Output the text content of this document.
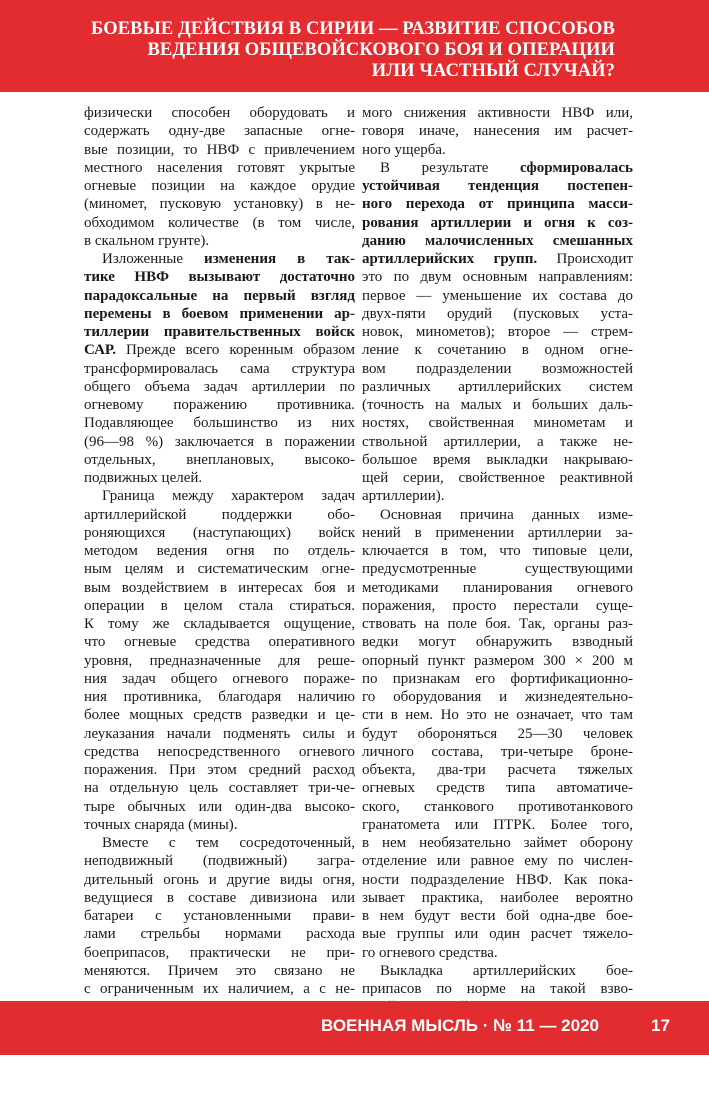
БОЕВЫЕ ДЕЙСТВИЯ В СИРИИ — РАЗВИТИЕ СПОСОБОВ
ВЕДЕНИЯ ОБЩЕВОЙСКОВОГО БОЯ И ОПЕРАЦИИ
ИЛИ ЧАСТНЫЙ СЛУЧАЙ?
физически способен оборудовать и
содержать одну-две запасные огне-
вые позиции, то НВФ с привлечением
местного населения готовят укрытые
огневые позиции на каждое орудие
(миномет, пусковую установку) в не-
обходимом количестве (в том числе,
в скальном грунте).
Изложенные изменения в так-
тике НВФ вызывают достаточно
парадоксальные на первый взгляд
перемены в боевом применении ар-
тиллерии правительственных войск
САР. Прежде всего коренным образом
трансформировалась сама структура
общего объема задач артиллерии по
огневому поражению противника.
Подавляющее большинство из них
(96—98 %) заключается в поражении
отдельных, внеплановых, высоко-
подвижных целей.
Граница между характером задач
артиллерийской поддержки обо-
роняющихся (наступающих) войск
методом ведения огня по отдель-
ным целям и систематическим огне-
вым воздействием в интересах боя и
операции в целом стала стираться.
К тому же складывается ощущение,
что огневые средства оперативного
уровня, предназначенные для реше-
ния задач общего огневого пораже-
ния противника, благодаря наличию
более мощных средств разведки и це-
леуказания начали подменять силы и
средства непосредственного огневого
поражения. При этом средний расход
на отдельную цель составляет три-че-
тыре обычных или один-два высоко-
точных снаряда (мины).
Вместе с тем сосредоточенный,
неподвижный (подвижный) загра-
дительный огонь и другие виды огня,
ведущиеся в составе дивизиона или
батареи с установленными прави-
лами стрельбы нормами расхода
боеприпасов, практически не при-
меняются. Причем это связано не
с ограниченным их наличием, а с не-
мого снижения активности НВФ или,
говоря иначе, нанесения им расчет-
ного ущерба.
В результате сформировалась
устойчивая тенденция постепен-
ного перехода от принципа масси-
рования артиллерии и огня к соз-
данию малочисленных смешанных
артиллерийских групп. Происходит
это по двум основным направлениям:
первое — уменьшение их состава до
двух-пяти орудий (пусковых уста-
новок, минометов); второе — стрем-
ление к сочетанию в одном огне-
вом подразделении возможностей
различных артиллерийских систем
(точность на малых и больших даль-
ностях, свойственная минометам и
ствольной артиллерии, а также не-
большое время выкладки накрываю-
щей серии, свойственное реактивной
артиллерии).
Основная причина данных изме-
нений в применении артиллерии за-
ключается в том, что типовые цели,
предусмотренные существующими
методиками планирования огневого
поражения, просто перестали суще-
ствовать на поле боя. Так, органы раз-
ведки могут обнаружить взводный
опорный пункт размером 300 × 200 м
по признакам его фортификационно-
го оборудования и жизнедеятельно-
сти в нем. Но это не означает, что там
будут обороняться 25—30 человек
личного состава, три-четыре броне-
объекта, два-три расчета тяжелых
огневых средств типа автоматиче-
ского, станкового противотанкового
гранатомета или ПТРК. Более того,
в нем необязательно займет оборону
отделение или равное ему по числен-
ности подразделение НВФ. Как пока-
зывает практика, наиболее вероятно
в нем будут вести бой одна-две бое-
вые группы или один расчет тяжело-
го огневого средства.
Выкладка артиллерийских бое-
припасов по норме на такой взво-
ВОЕННАЯ МЫСЛЬ · № 11 — 2020	17
